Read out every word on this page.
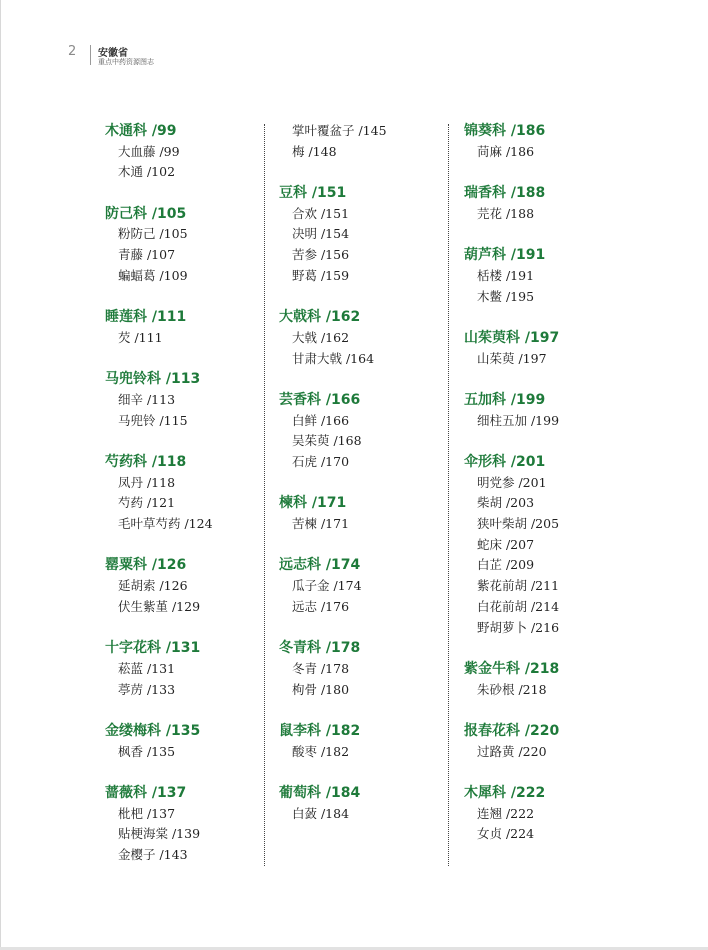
2 安徽省
重点中药资源图志
木通科 /99
大血藤 /99
木通 /102
防己科 /105
粉防己 /105
青藤 /107
蝙蝠葛 /109
睡莲科 /111
芡 /111
马兜铃科 /113
细辛 /113
马兜铃 /115
芍药科 /118
凤丹 /118
芍药 /121
毛叶草芍药 /124
罂粟科 /126
延胡索 /126
伏生紫堇 /129
十字花科 /131
菘蓝 /131
葶苈 /133
金缕梅科 /135
枫香 /135
蔷薇科 /137
枇杷 /137
贴梗海棠 /139
金樱子 /143
掌叶覆盆子 /145
梅 /148
豆科 /151
合欢 /151
决明 /154
苦参 /156
野葛 /159
大戟科 /162
大戟 /162
甘肃大戟 /164
芸香科 /166
白鲜 /166
吴茱萸 /168
石虎 /170
楝科 /171
苦楝 /171
远志科 /174
瓜子金 /174
远志 /176
冬青科 /178
冬青 /178
枸骨 /180
鼠李科 /182
酸枣 /182
葡萄科 /184
白蔹 /184
锦葵科 /186
苘麻 /186
瑞香科 /188
芫花 /188
葫芦科 /191
栝楼 /191
木鳖 /195
山茱萸科 /197
山茱萸 /197
五加科 /199
细柱五加 /199
伞形科 /201
明党参 /201
柴胡 /203
狭叶柴胡 /205
蛇床 /207
白芷 /209
紫花前胡 /211
白花前胡 /214
野胡萝卜 /216
紫金牛科 /218
朱砂根 /218
报春花科 /220
过路黄 /220
木犀科 /222
连翘 /222
女贞 /224
